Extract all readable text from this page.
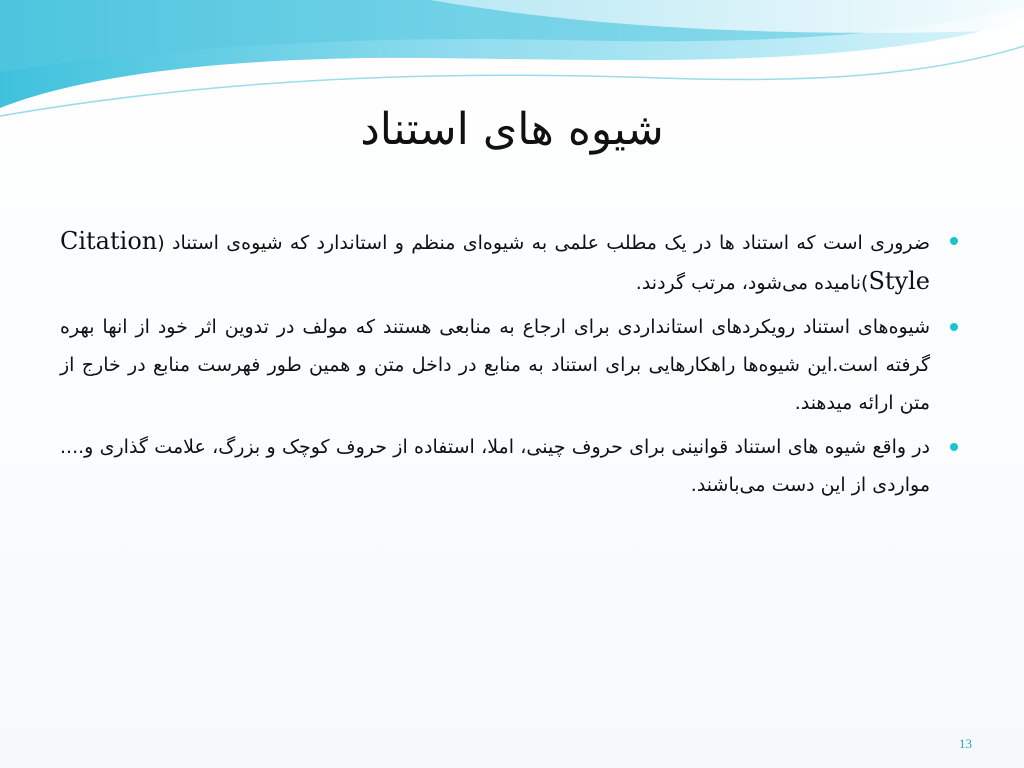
شیوه های استناد
ضروری است که استناد ها در یک مطلب علمی به شیوه‌ای منظم و استاندارد که شیوه‌ی استناد (Citation Style)نامیده می‌شود، مرتب گردند.
شیوه‌های استناد رویکردهای استانداردی برای ارجاع به منابعی هستند که مولف در تدوین اثر خود از انها بهره گرفته است.این شیوه‌ها راهکارهایی برای استناد به منابع در داخل متن و همین طور فهرست منابع در خارج از متن ارائه میدهند.
در واقع شیوه های استناد قوانینی برای حروف چینی، املا، استفاده از حروف کوچک و بزرگ، علامت گذاری و.... مواردی از این دست می‌باشند.
13
